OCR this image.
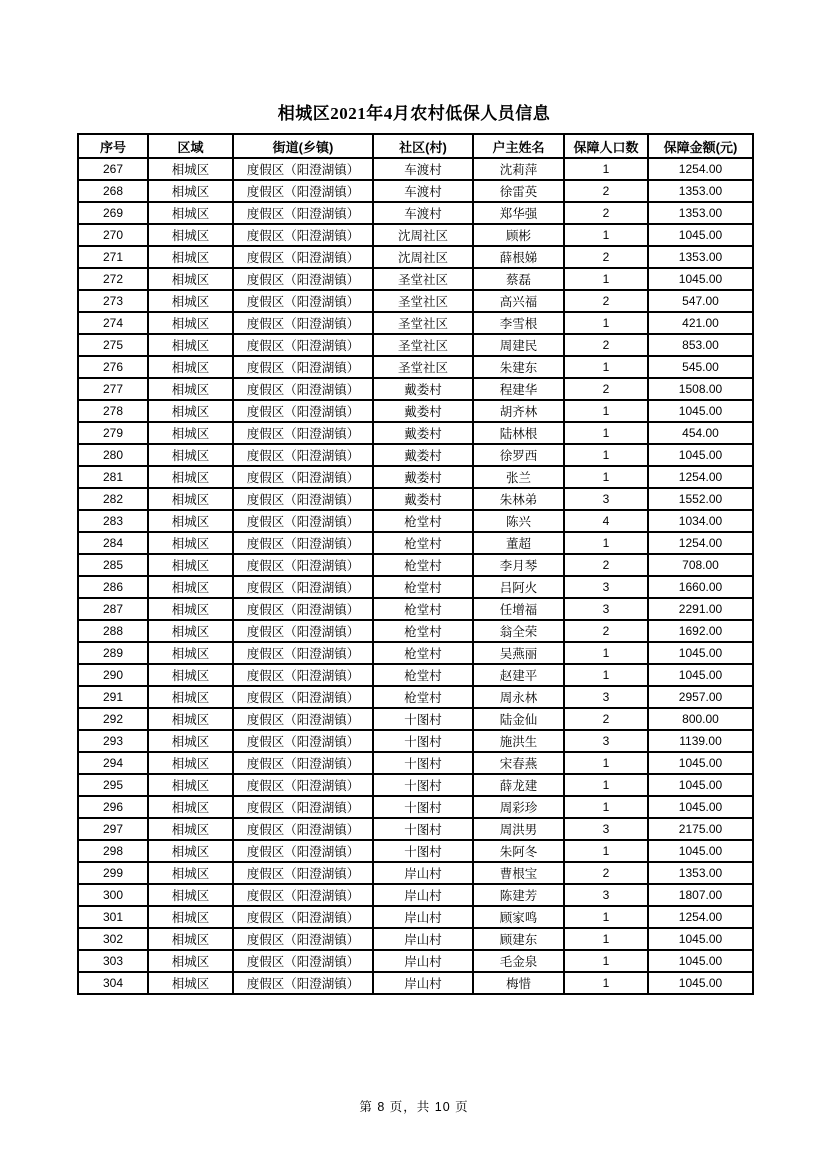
相城区2021年4月农村低保人员信息
序号	区域	街道(乡镇)	社区(村)	户主姓名	保障人口数	保障金额(元)
267	相城区	度假区（阳澄湖镇）	车渡村	沈莉萍	1	1254.00
268	相城区	度假区（阳澄湖镇）	车渡村	徐雷英	2	1353.00
269	相城区	度假区（阳澄湖镇）	车渡村	郑华强	2	1353.00
270	相城区	度假区（阳澄湖镇）	沈周社区	顾彬	1	1045.00
271	相城区	度假区（阳澄湖镇）	沈周社区	薛根娣	2	1353.00
272	相城区	度假区（阳澄湖镇）	圣堂社区	蔡磊	1	1045.00
273	相城区	度假区（阳澄湖镇）	圣堂社区	高兴福	2	547.00
274	相城区	度假区（阳澄湖镇）	圣堂社区	李雪根	1	421.00
275	相城区	度假区（阳澄湖镇）	圣堂社区	周建民	2	853.00
276	相城区	度假区（阳澄湖镇）	圣堂社区	朱建东	1	545.00
277	相城区	度假区（阳澄湖镇）	戴娄村	程建华	2	1508.00
278	相城区	度假区（阳澄湖镇）	戴娄村	胡齐林	1	1045.00
279	相城区	度假区（阳澄湖镇）	戴娄村	陆林根	1	454.00
280	相城区	度假区（阳澄湖镇）	戴娄村	徐罗西	1	1045.00
281	相城区	度假区（阳澄湖镇）	戴娄村	张兰	1	1254.00
282	相城区	度假区（阳澄湖镇）	戴娄村	朱林弟	3	1552.00
283	相城区	度假区（阳澄湖镇）	枪堂村	陈兴	4	1034.00
284	相城区	度假区（阳澄湖镇）	枪堂村	董超	1	1254.00
285	相城区	度假区（阳澄湖镇）	枪堂村	李月琴	2	708.00
286	相城区	度假区（阳澄湖镇）	枪堂村	吕阿火	3	1660.00
287	相城区	度假区（阳澄湖镇）	枪堂村	任增福	3	2291.00
288	相城区	度假区（阳澄湖镇）	枪堂村	翁全荣	2	1692.00
289	相城区	度假区（阳澄湖镇）	枪堂村	吴燕丽	1	1045.00
290	相城区	度假区（阳澄湖镇）	枪堂村	赵建平	1	1045.00
291	相城区	度假区（阳澄湖镇）	枪堂村	周永林	3	2957.00
292	相城区	度假区（阳澄湖镇）	十图村	陆金仙	2	800.00
293	相城区	度假区（阳澄湖镇）	十图村	施洪生	3	1139.00
294	相城区	度假区（阳澄湖镇）	十图村	宋春燕	1	1045.00
295	相城区	度假区（阳澄湖镇）	十图村	薛龙建	1	1045.00
296	相城区	度假区（阳澄湖镇）	十图村	周彩珍	1	1045.00
297	相城区	度假区（阳澄湖镇）	十图村	周洪男	3	2175.00
298	相城区	度假区（阳澄湖镇）	十图村	朱阿冬	1	1045.00
299	相城区	度假区（阳澄湖镇）	岸山村	曹根宝	2	1353.00
300	相城区	度假区（阳澄湖镇）	岸山村	陈建芳	3	1807.00
301	相城区	度假区（阳澄湖镇）	岸山村	顾家鸣	1	1254.00
302	相城区	度假区（阳澄湖镇）	岸山村	顾建东	1	1045.00
303	相城区	度假区（阳澄湖镇）	岸山村	毛金泉	1	1045.00
304	相城区	度假区（阳澄湖镇）	岸山村	梅惜	1	1045.00
第 8 页，共 10 页
